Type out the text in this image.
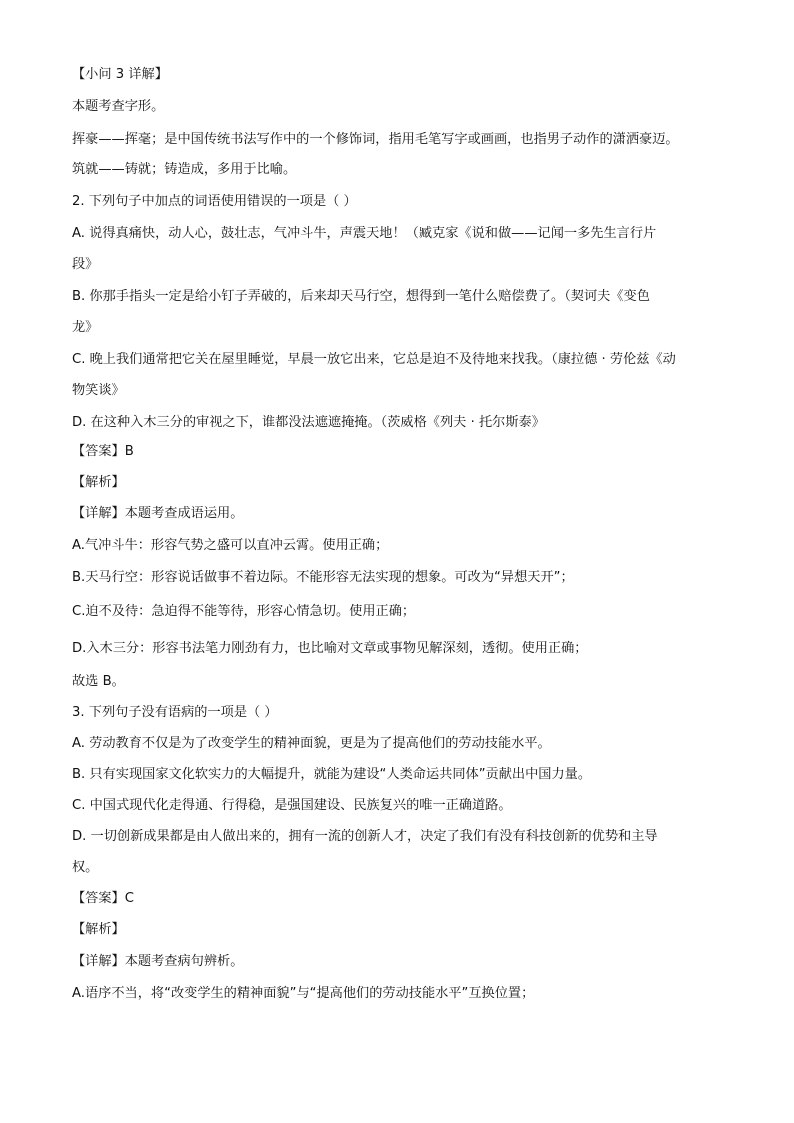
【小问 3 详解】
本题考查字形。
挥豪——挥毫；是中国传统书法写作中的一个修饰词，指用毛笔写字或画画，也指男子动作的潇洒豪迈。
筑就——铸就；铸造成，多用于比喻。
2. 下列句子中加点的词语使用错误的一项是（ ）
A. 说得真痛快，动人心，鼓壮志，气冲斗牛，声震天地！（臧克家《说和做——记闻一多先生言行片
段》
B. 你那手指头一定是给小钉子弄破的，后来却天马行空，想得到一笔什么赔偿费了。（契诃夫《变色
龙》
C. 晚上我们通常把它关在屋里睡觉，早晨一放它出来，它总是迫不及待地来找我。（康拉德 · 劳伦兹《动
物笑谈》
D. 在这种入木三分的审视之下，谁都没法遮遮掩掩。（茨威格《列夫 · 托尔斯泰》
【答案】B
【解析】
【详解】本题考查成语运用。
A.气冲斗牛：形容气势之盛可以直冲云霄。使用正确；
B.天马行空：形容说话做事不着边际。不能形容无法实现的想象。可改为“异想天开”；
C.迫不及待：急迫得不能等待，形容心情急切。使用正确；
D.入木三分：形容书法笔力刚劲有力，也比喻对文章或事物见解深刻，透彻。使用正确；
故选 B。
3. 下列句子没有语病的一项是（ ）
A. 劳动教育不仅是为了改变学生的精神面貌，更是为了提高他们的劳动技能水平。
B. 只有实现国家文化软实力的大幅提升，就能为建设“人类命运共同体”贡献出中国力量。
C. 中国式现代化走得通、行得稳，是强国建设、民族复兴的唯一正确道路。
D. 一切创新成果都是由人做出来的，拥有一流的创新人才，决定了我们有没有科技创新的优势和主导
权。
【答案】C
【解析】
【详解】本题考查病句辨析。
A.语序不当，将“改变学生的精神面貌”与“提高他们的劳动技能水平”互换位置；
